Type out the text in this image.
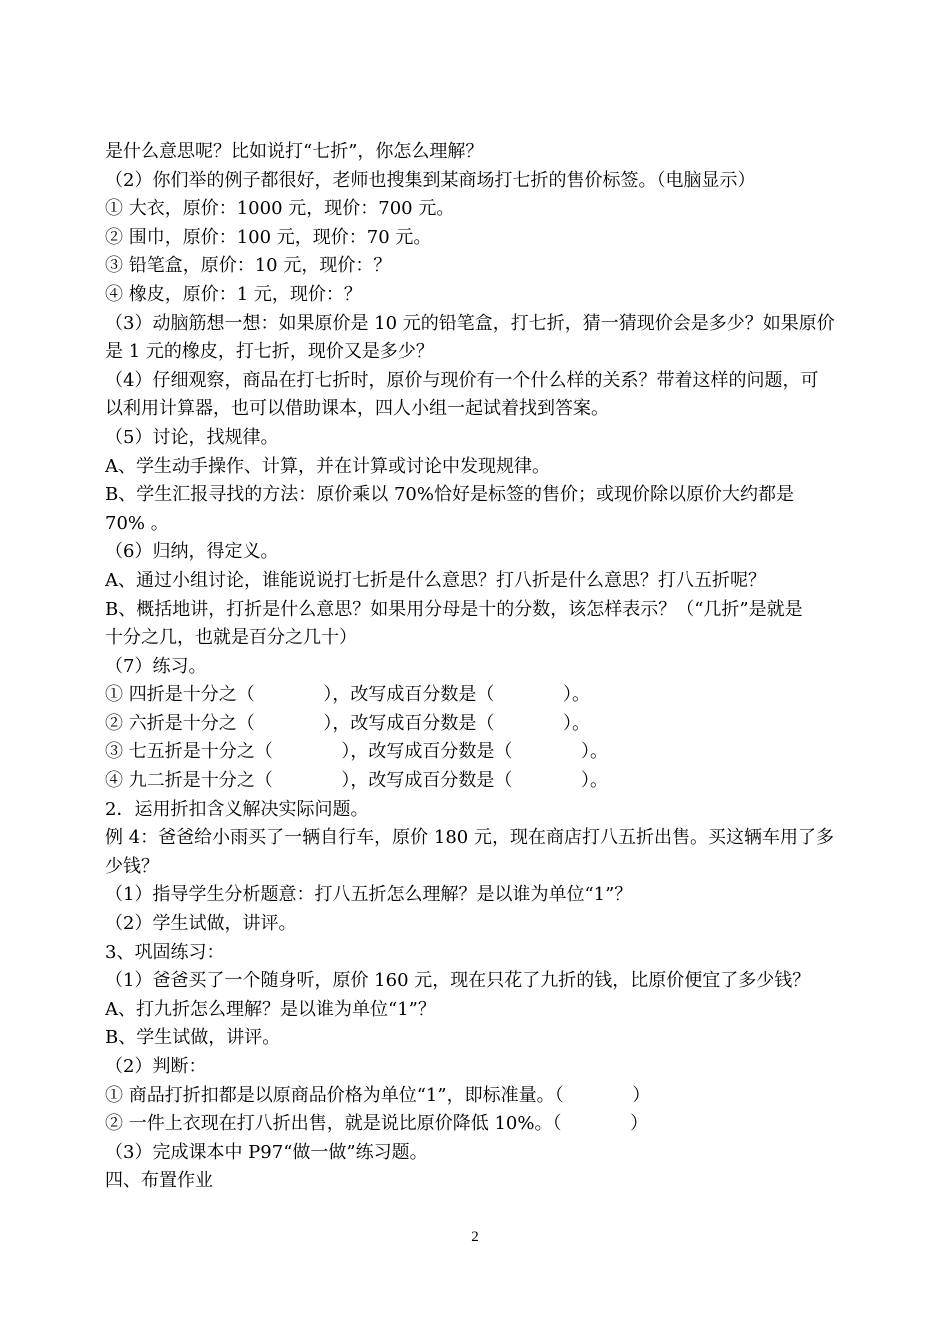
是什么意思呢？比如说打“七折”，你怎么理解？
（2）你们举的例子都很好，老师也搜集到某商场打七折的售价标签。（电脑显示）
① 大衣，原价：1000 元，现价：700 元。
② 围巾，原价：100 元，现价：70 元。
③ 铅笔盒，原价：10 元，现价：？
④ 橡皮，原价：1 元，现价：？
（3）动脑筋想一想：如果原价是 10 元的铅笔盒，打七折，猜一猜现价会是多少？如果原价
是 1 元的橡皮，打七折，现价又是多少？
（4）仔细观察，商品在打七折时，原价与现价有一个什么样的关系？带着这样的问题，可
以利用计算器，也可以借助课本，四人小组一起试着找到答案。
（5）讨论，找规律。
A、学生动手操作、计算，并在计算或讨论中发现规律。
B、学生汇报寻找的方法：原价乘以 70%恰好是标签的售价；或现价除以原价大约都是
70% 。
（6）归纳，得定义。
A、通过小组讨论，谁能说说打七折是什么意思？打八折是什么意思？打八五折呢？
B、概括地讲，打折是什么意思？如果用分母是十的分数，该怎样表示？（“几折”是就是
十分之几，也就是百分之几十）
（7）练习。
① 四折是十分之（            ），改写成百分数是（            ）。
② 六折是十分之（            ），改写成百分数是（            ）。
③ 七五折是十分之（            ），改写成百分数是（            ）。
④ 九二折是十分之（            ），改写成百分数是（            ）。
2．运用折扣含义解决实际问题。
例 4：爸爸给小雨买了一辆自行车，原价 180 元，现在商店打八五折出售。买这辆车用了多
少钱？
（1）指导学生分析题意：打八五折怎么理解？是以谁为单位“1”？
（2）学生试做，讲评。
3、巩固练习：
（1）爸爸买了一个随身听，原价 160 元，现在只花了九折的钱，比原价便宜了多少钱？
A、打九折怎么理解？是以谁为单位“1”？
B、学生试做，讲评。
（2）判断：
① 商品打折扣都是以原商品价格为单位“1”，即标准量。（            ）
② 一件上衣现在打八折出售，就是说比原价降低 10%。（            ）
（3）完成课本中 P97“做一做”练习题。
四、布置作业
2
